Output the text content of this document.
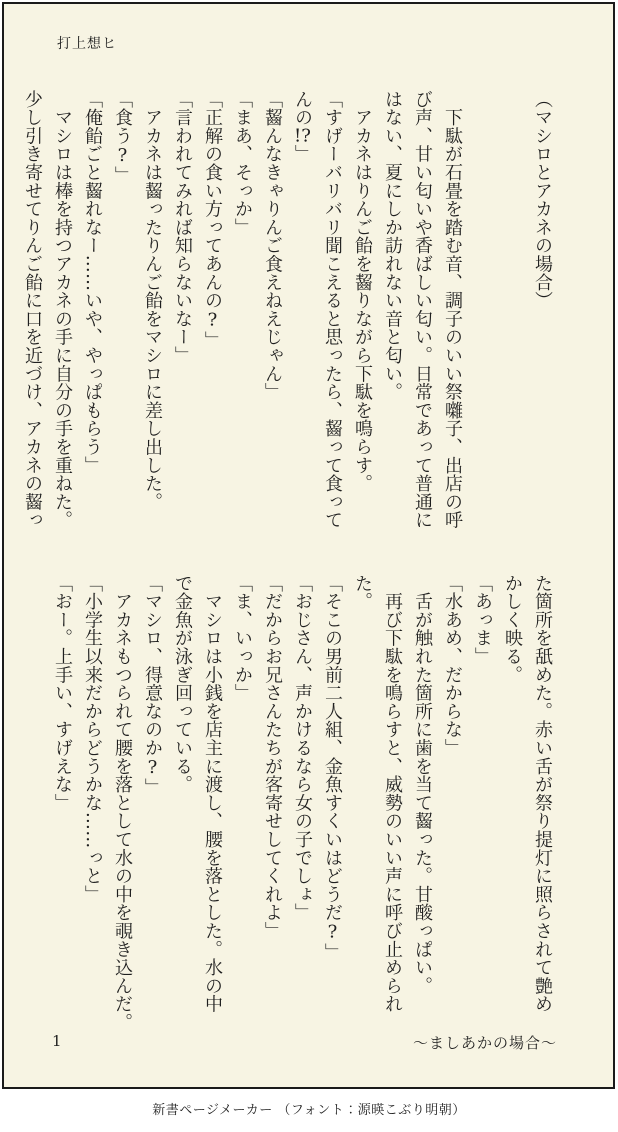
打上想ヒ
（マシロとアカネの場合）

　下駄が石畳を踏む音、調子のいい祭囃子、出店の呼
び声、甘い匂いや香ばしい匂い。日常であって普通に
はない、夏にしか訪れない音と匂い。
　アカネはりんご飴を齧りながら下駄を鳴らす。
「すげーバリバリ聞こえると思ったら、齧って食って
んの!?」
「齧んなきゃりんご食えねえじゃん」
「まあ、そっか」
「正解の食い方ってあんの?」
「言われてみれば知らないなー」
　アカネは齧ったりんご飴をマシロに差し出した。
「食う?」
「俺飴ごと齧れなー……いや、やっぱもらう」
　マシロは棒を持つアカネの手に自分の手を重ねた。
少し引き寄せてりんご飴に口を近づけ、アカネの齧っ
た箇所を舐めた。赤い舌が祭り提灯に照らされて艶め
かしく映る。
「あっま」
「水あめ、だからな」
　舌が触れた箇所に歯を当て齧った。甘酸っぱい。
　再び下駄を鳴らすと、威勢のいい声に呼び止められ
た。
「そこの男前二人組、金魚すくいはどうだ?」
「おじさん、声かけるなら女の子でしょ」
「だからお兄さんたちが客寄せしてくれよ」
「ま、いっか」
　マシロは小銭を店主に渡し、腰を落とした。水の中
で金魚が泳ぎ回っている。
「マシロ、得意なのか?」
　アカネもつられて腰を落として水の中を覗き込んだ。
「小学生以来だからどうかな……っと」
「おー。上手い、すげえな」
1	〜ましあかの場合〜
新書ページメーカー （フォント：源暎こぶり明朝）
